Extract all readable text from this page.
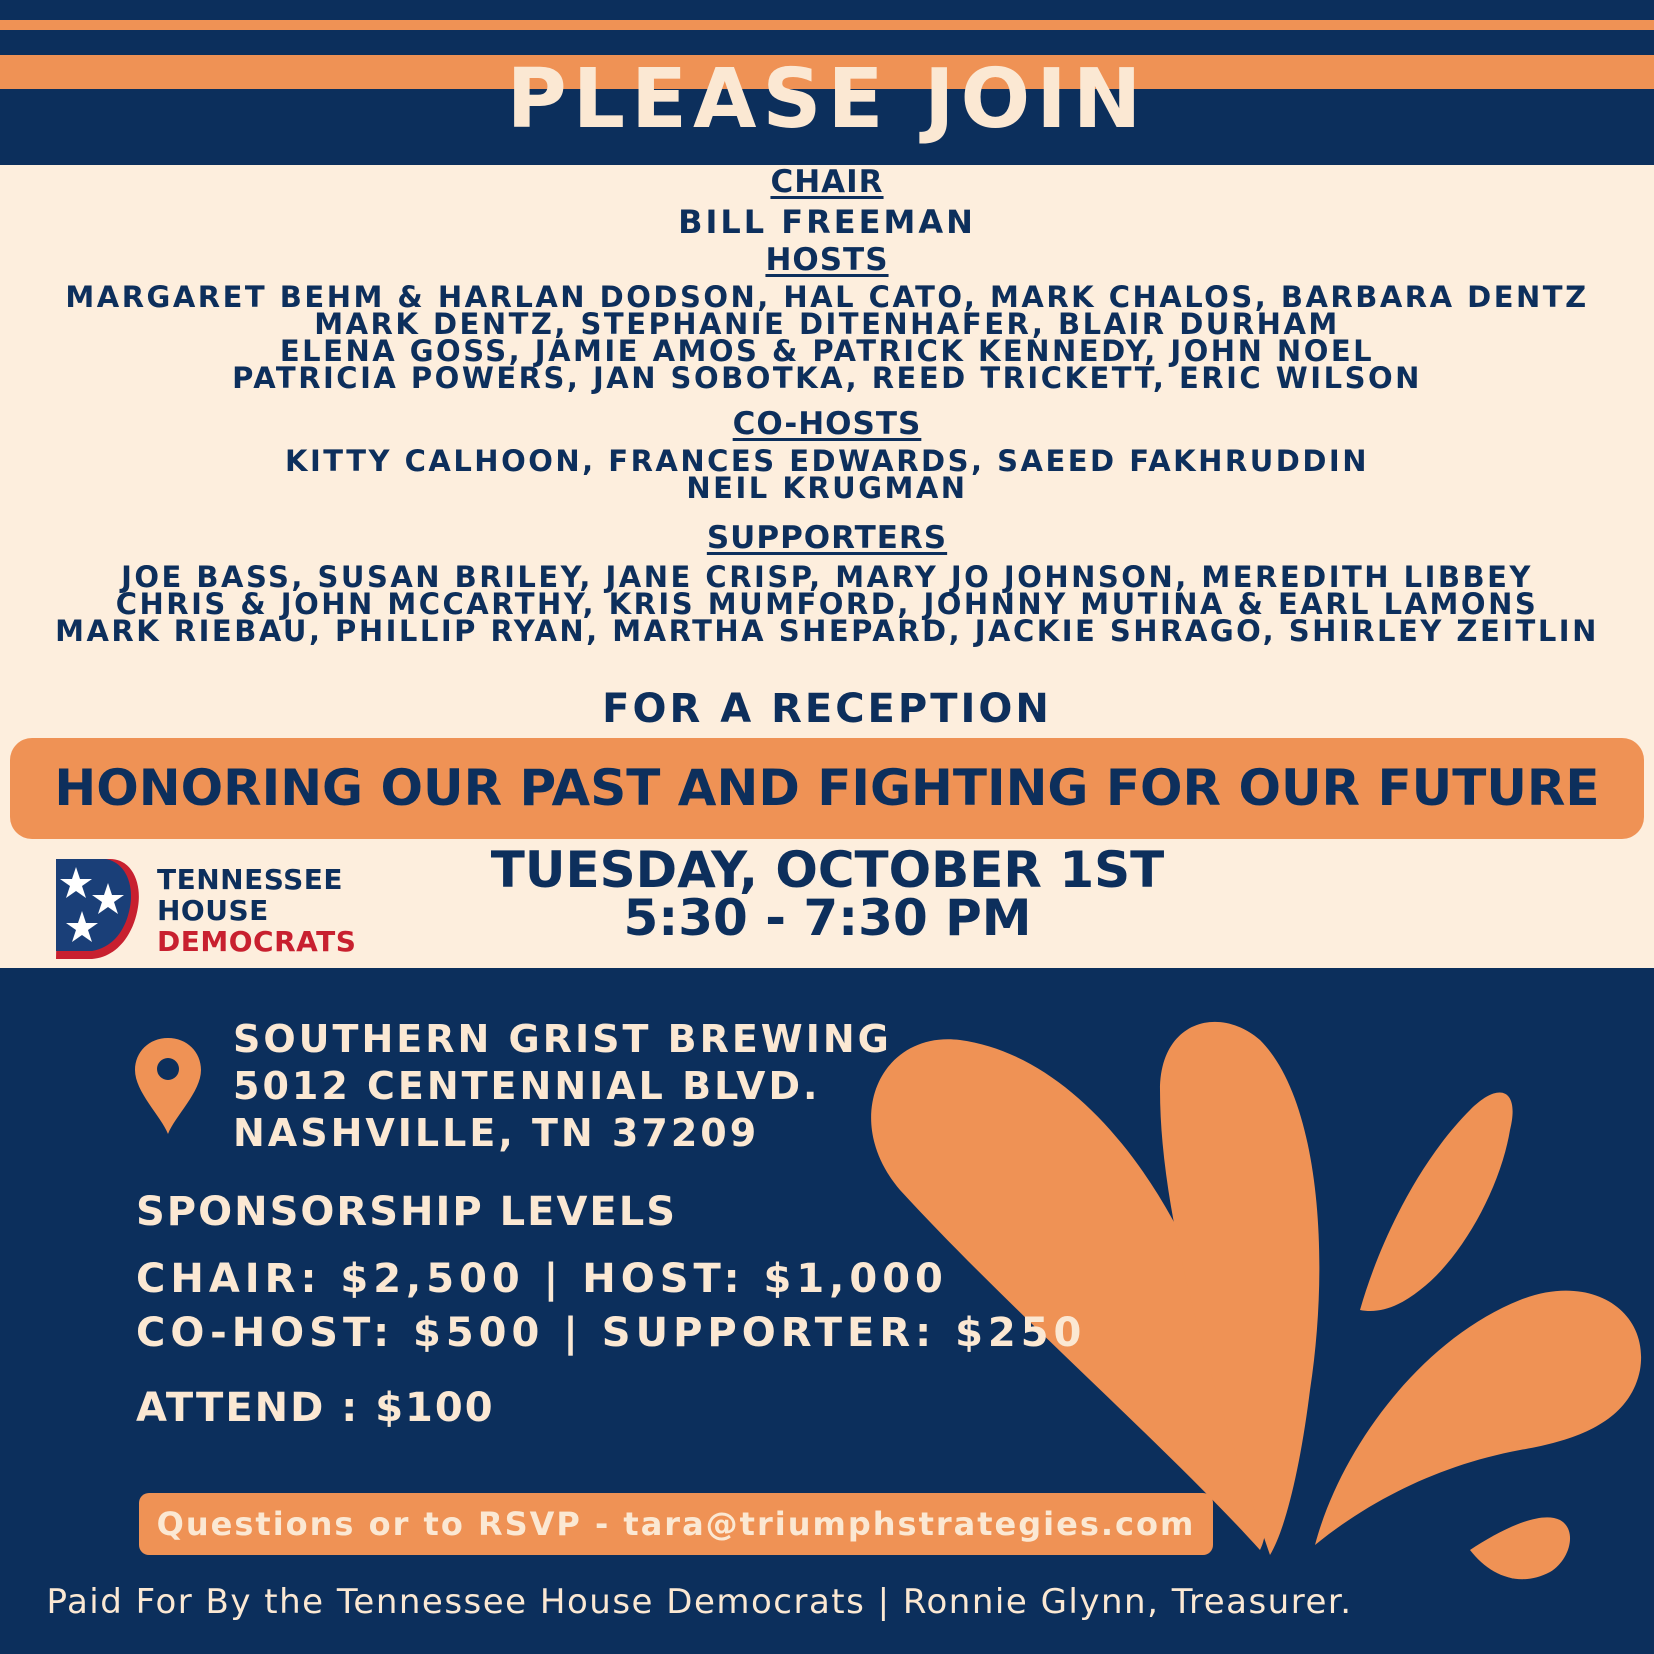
PLEASE JOIN
CHAIR
BILL FREEMAN
HOSTS
MARGARET BEHM & HARLAN DODSON, HAL CATO, MARK CHALOS, BARBARA DENTZ
MARK DENTZ, STEPHANIE DITENHAFER, BLAIR DURHAM
ELENA GOSS, JAMIE AMOS & PATRICK KENNEDY, JOHN NOEL
PATRICIA POWERS, JAN SOBOTKA, REED TRICKETT, ERIC WILSON
CO-HOSTS
KITTY CALHOON, FRANCES EDWARDS, SAEED FAKHRUDDIN
NEIL KRUGMAN
SUPPORTERS
JOE BASS, SUSAN BRILEY, JANE CRISP, MARY JO JOHNSON, MEREDITH LIBBEY
CHRIS & JOHN MCCARTHY, KRIS MUMFORD, JOHNNY MUTINA & EARL LAMONS
MARK RIEBAU, PHILLIP RYAN, MARTHA SHEPARD, JACKIE SHRAGO, SHIRLEY ZEITLIN
FOR A RECEPTION
HONORING OUR PAST AND FIGHTING FOR OUR FUTURE
TENNESSEE
HOUSE
DEMOCRATS
TUESDAY, OCTOBER 1ST
5:30 - 7:30 PM
SOUTHERN GRIST BREWING
5012 CENTENNIAL BLVD.
NASHVILLE, TN 37209
SPONSORSHIP LEVELS
CHAIR: $2,500 | HOST: $1,000
CO-HOST: $500 | SUPPORTER: $250
ATTEND : $100
Questions or to RSVP - tara@triumphstrategies.com
Paid For By the Tennessee House Democrats | Ronnie Glynn, Treasurer.
